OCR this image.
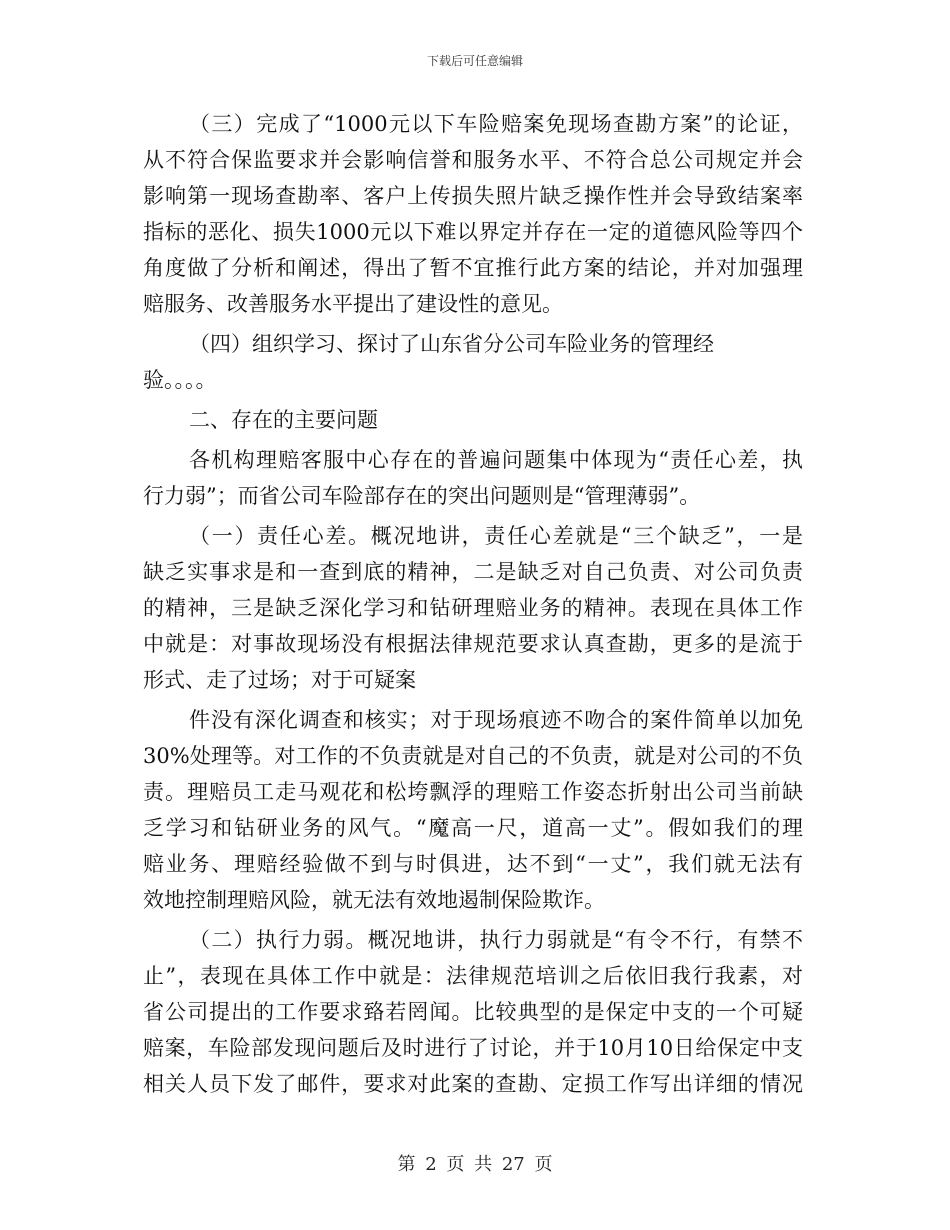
下载后可任意编辑
（三）完成了“1000元以下车险赔案免现场查勘方案”的论证，
从不符合保监要求并会影响信誉和服务水平、不符合总公司规定并会
影响第一现场查勘率、客户上传损失照片缺乏操作性并会导致结案率
指标的恶化、损失1000元以下难以界定并存在一定的道德风险等四个
角度做了分析和阐述，得出了暂不宜推行此方案的结论，并对加强理
赔服务、改善服务水平提出了建设性的意见。
（四）组织学习、探讨了山东省分公司车险业务的管理经
验。。。。
二、存在的主要问题
各机构理赔客服中心存在的普遍问题集中体现为“责任心差，执
行力弱”；而省公司车险部存在的突出问题则是“管理薄弱”。
（一）责任心差。概况地讲，责任心差就是“三个缺乏”，一是
缺乏实事求是和一查到底的精神，二是缺乏对自己负责、对公司负责
的精神，三是缺乏深化学习和钻研理赔业务的精神。表现在具体工作
中就是：对事故现场没有根据法律规范要求认真查勘，更多的是流于
形式、走了过场；对于可疑案
件没有深化调查和核实；对于现场痕迹不吻合的案件简单以加免
30%处理等。对工作的不负责就是对自己的不负责，就是对公司的不负
责。理赔员工走马观花和松垮飘浮的理赔工作姿态折射出公司当前缺
乏学习和钻研业务的风气。“魔高一尺，道高一丈”。假如我们的理
赔业务、理赔经验做不到与时俱进，达不到“一丈”，我们就无法有
效地控制理赔风险，就无法有效地遏制保险欺诈。
（二）执行力弱。概况地讲，执行力弱就是“有令不行，有禁不
止”，表现在具体工作中就是：法律规范培训之后依旧我行我素，对
省公司提出的工作要求臵若罔闻。比较典型的是保定中支的一个可疑
赔案，车险部发现问题后及时进行了讨论，并于10月10日给保定中支
相关人员下发了邮件，要求对此案的查勘、定损工作写出详细的情况
第 2 页 共 27 页
